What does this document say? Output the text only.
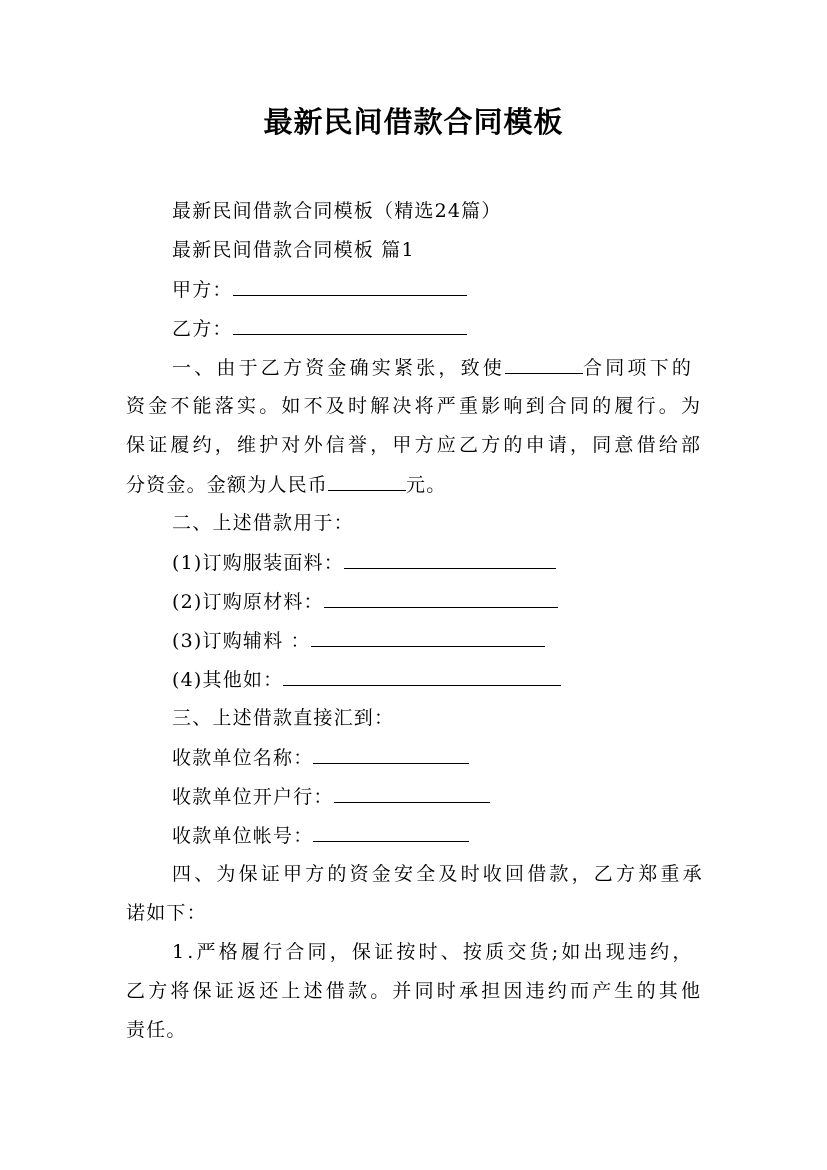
最新民间借款合同模板
最新民间借款合同模板（精选24篇）
最新民间借款合同模板 篇1
甲方：
乙方：
一、由于乙方资金确实紧张，致使	合同项下的
资金不能落实。如不及时解决将严重影响到合同的履行。为
保证履约，维护对外信誉，甲方应乙方的申请，同意借给部
分资金。金额为人民币	元。
二、上述借款用于：
(1)订购服装面料：
(2)订购原材料：
(3)订购辅料 ：
(4)其他如：
三、上述借款直接汇到：
收款单位名称：
收款单位开户行：
收款单位帐号：
四、为保证甲方的资金安全及时收回借款，乙方郑重承
诺如下：
1.严格履行合同，保证按时、按质交货;如出现违约，
乙方将保证返还上述借款。并同时承担因违约而产生的其他
责任。
